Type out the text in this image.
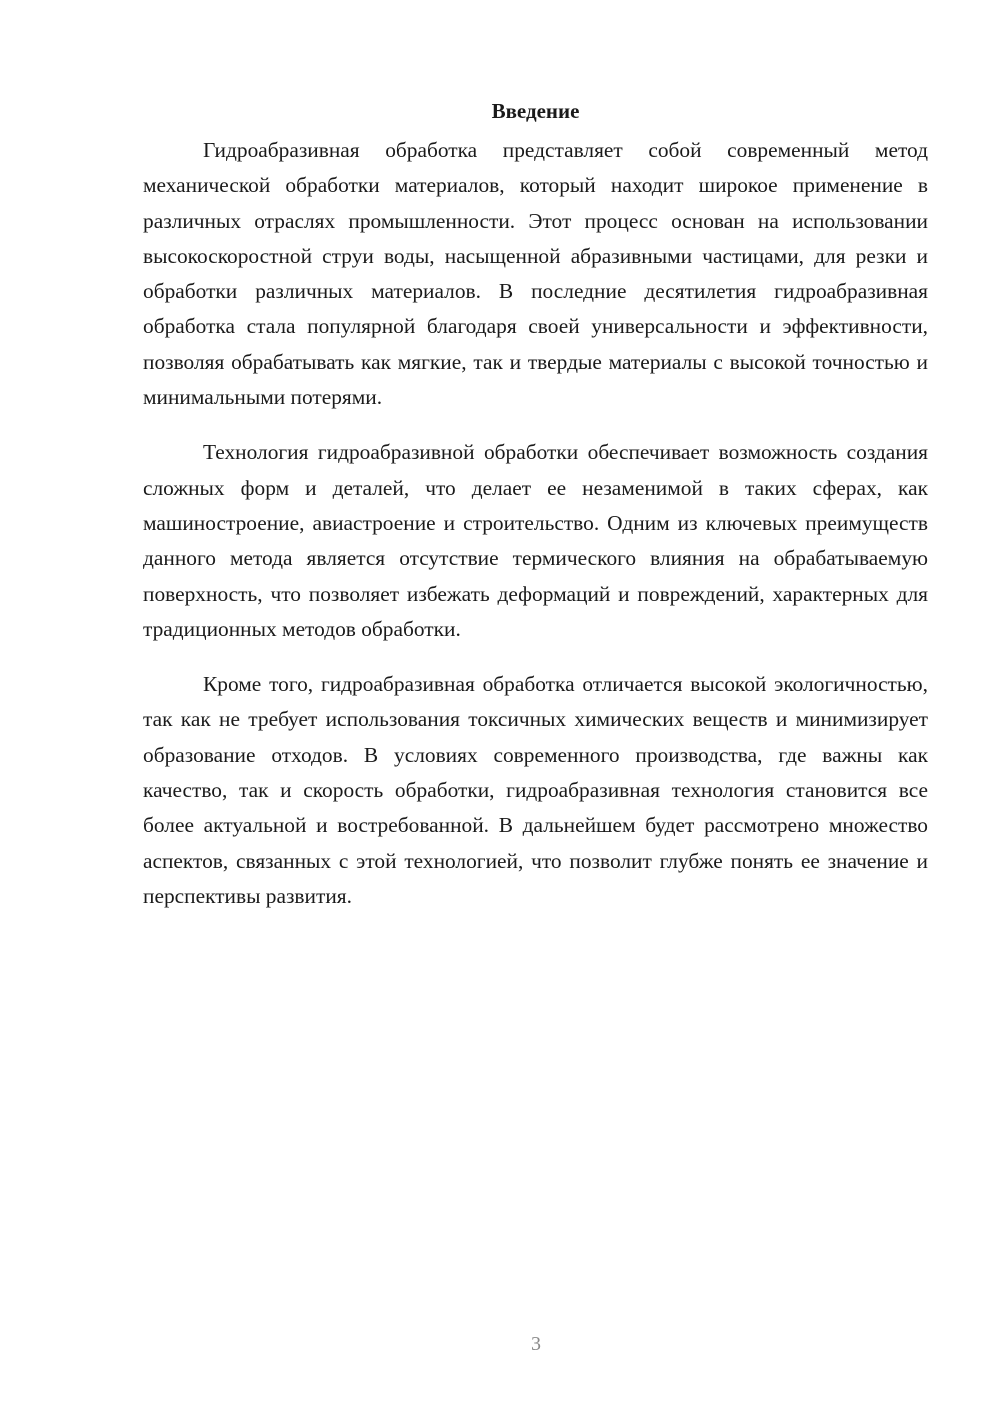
Введение

Гидроабразивная обработка представляет собой современный метод механической обработки материалов, который находит широкое применение в различных отраслях промышленности. Этот процесс основан на использовании высокоскоростной струи воды, насыщенной абразивными частицами, для резки и обработки различных материалов. В последние десятилетия гидроабразивная обработка стала популярной благодаря своей универсальности и эффективности, позволяя обрабатывать как мягкие, так и твердые материалы с высокой точностью и минимальными потерями.

Технология гидроабразивной обработки обеспечивает возможность создания сложных форм и деталей, что делает ее незаменимой в таких сферах, как машиностроение, авиастроение и строительство. Одним из ключевых преимуществ данного метода является отсутствие термического влияния на обрабатываемую поверхность, что позволяет избежать деформаций и повреждений, характерных для традиционных методов обработки.

Кроме того, гидроабразивная обработка отличается высокой экологичностью, так как не требует использования токсичных химических веществ и минимизирует образование отходов. В условиях современного производства, где важны как качество, так и скорость обработки, гидроабразивная технология становится все более актуальной и востребованной. В дальнейшем будет рассмотрено множество аспектов, связанных с этой технологией, что позволит глубже понять ее значение и перспективы развития.

3
